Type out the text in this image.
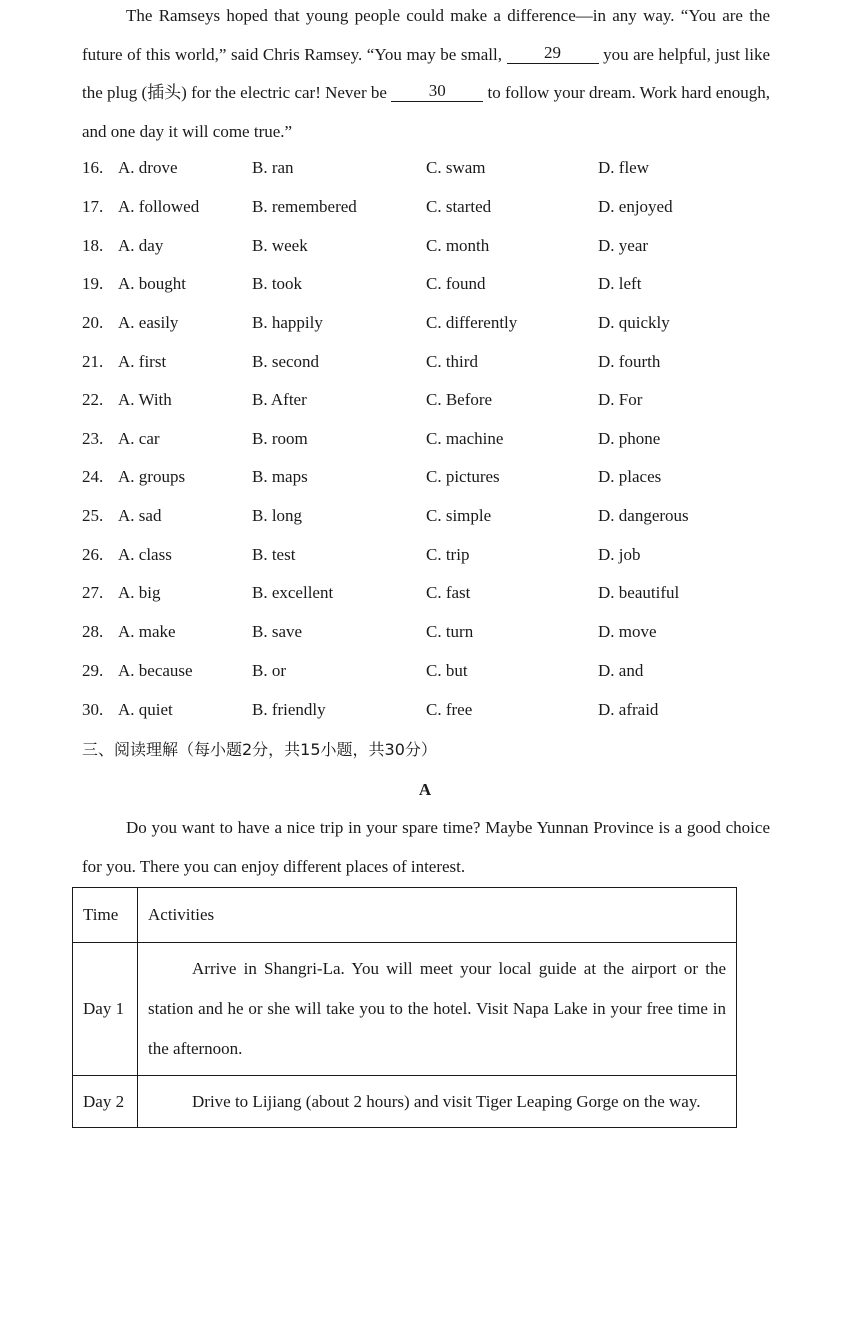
The Ramseys hoped that young people could make a difference—in any way. “You are the future of this world,” said Chris Ramsey. “You may be small, 29 you are helpful, just like the plug (插头) for the electric car! Never be 30 to follow your dream. Work hard enough, and one day it will come true.”
16. A. drove	B. ran	C. swam	D. flew
17. A. followed	B. remembered	C. started	D. enjoyed
18. A. day	B. week	C. month	D. year
19. A. bought	B. took	C. found	D. left
20. A. easily	B. happily	C. differently	D. quickly
21. A. first	B. second	C. third	D. fourth
22. A. With	B. After	C. Before	D. For
23. A. car	B. room	C. machine	D. phone
24. A. groups	B. maps	C. pictures	D. places
25. A. sad	B. long	C. simple	D. dangerous
26. A. class	B. test	C. trip	D. job
27. A. big	B. excellent	C. fast	D. beautiful
28. A. make	B. save	C. turn	D. move
29. A. because	B. or	C. but	D. and
30. A. quiet	B. friendly	C. free	D. afraid
三、阅读理解（每小题2分，共15小题，共30分）
A
Do you want to have a nice trip in your spare time? Maybe Yunnan Province is a good choice for you. There you can enjoy different places of interest.
Time	Activities
Day 1	Arrive in Shangri-La. You will meet your local guide at the airport or the station and he or she will take you to the hotel. Visit Napa Lake in your free time in the afternoon.

Day 2	Drive to Lijiang (about 2 hours) and visit Tiger Leaping Gorge on the way.
